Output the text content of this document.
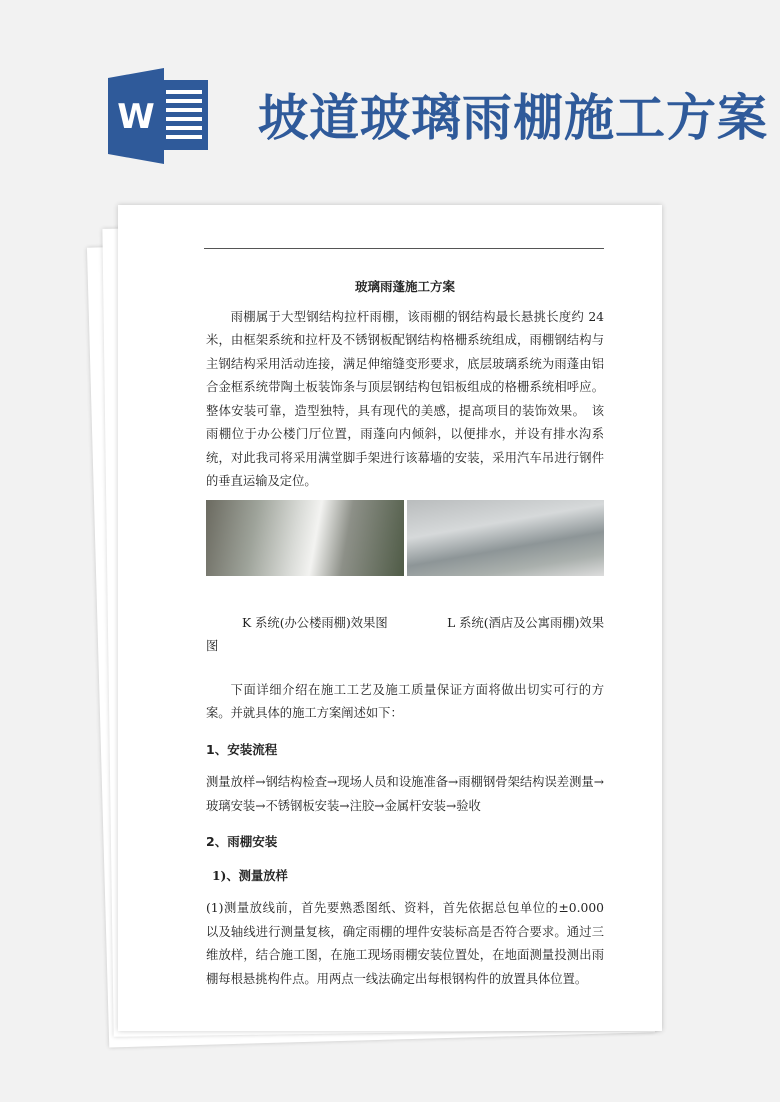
W 坡道玻璃雨棚施工方案
玻璃雨蓬施工方案

雨棚属于大型钢结构拉杆雨棚，该雨棚的钢结构最长悬挑长度约 24 米，由框架系统和拉杆及不锈钢板配钢结构格栅系统组成，雨棚钢结构与主钢结构采用活动连接，满足伸缩缝变形要求，底层玻璃系统为雨蓬由铝合金框系统带陶土板装饰条与顶层钢结构包铝板组成的格栅系统相呼应。整体安装可靠，造型独特，具有现代的美感，提高项目的装饰效果。　该雨棚位于办公楼门厅位置，雨蓬向内倾斜，以便排水，并设有排水沟系统，对此我司将采用满堂脚手架进行该幕墙的安装，采用汽车吊进行钢件的垂直运输及定位。

K 系统(办公楼雨棚)效果图	L 系统(酒店及公寓雨棚)效果
图

下面详细介绍在施工工艺及施工质量保证方面将做出切实可行的方案。并就具体的施工方案阐述如下：

1、安装流程

测量放样→钢结构检查→现场人员和设施准备→雨棚钢骨架结构误差测量→玻璃安装→不锈钢板安装→注胶→金属杆安装→验收

2、雨棚安装
1)、测量放样

(1)测量放线前，首先要熟悉图纸、资料，首先依据总包单位的±0.000 以及轴线进行测量复核，确定雨棚的埋件安装标高是否符合要求。通过三维放样，结合施工图，在施工现场雨棚安装位置处，在地面测量投测出雨棚每根悬挑构件点。用两点一线法确定出每根钢构件的放置具体位置。
